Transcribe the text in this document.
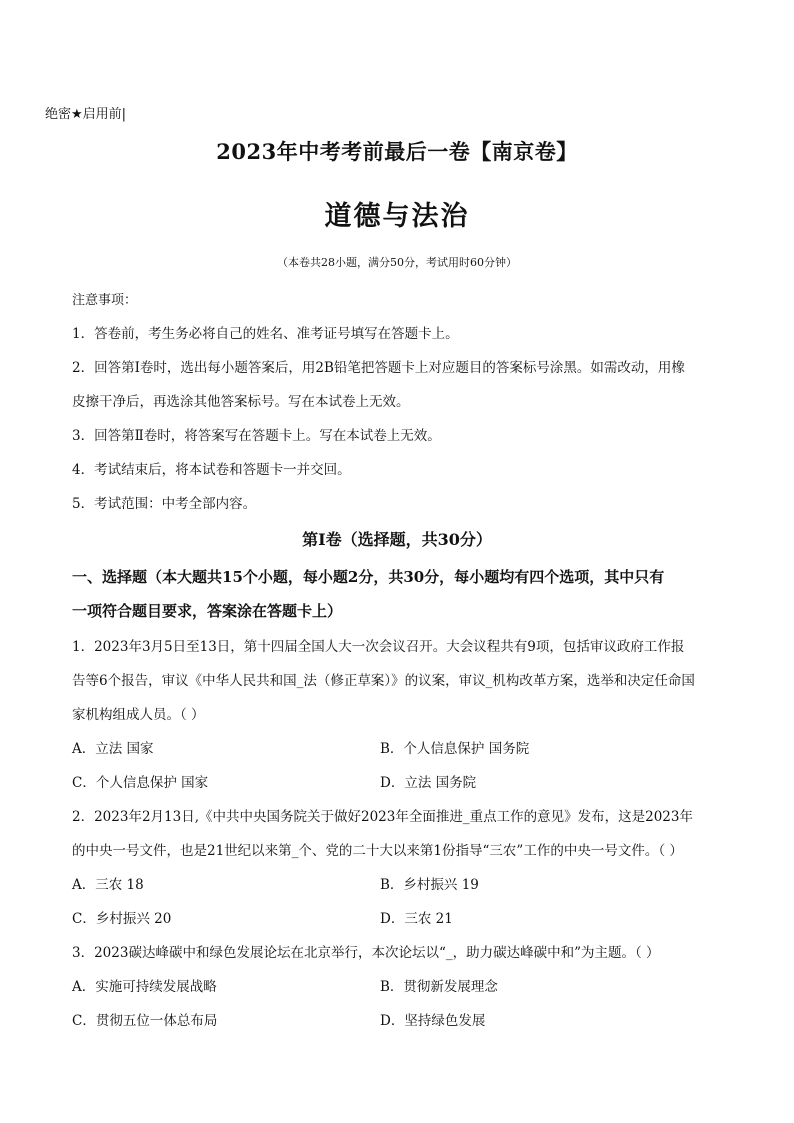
绝密★启用前|
2023年中考考前最后一卷【南京卷】
道德与法治
（本卷共28小题，满分50分，考试用时60分钟）
注意事项：
1．答卷前，考生务必将自己的姓名、准考证号填写在答题卡上。
2．回答第Ⅰ卷时，选出每小题答案后，用2B铅笔把答题卡上对应题目的答案标号涂黑。如需改动，用橡
皮擦干净后，再选涂其他答案标号。写在本试卷上无效。
3．回答第Ⅱ卷时，将答案写在答题卡上。写在本试卷上无效。
4．考试结束后，将本试卷和答题卡一并交回。
5．考试范围：中考全部内容。
第Ⅰ卷（选择题，共30分）
一、选择题（本大题共15个小题，每小题2分，共30分，每小题均有四个选项，其中只有
一项符合题目要求，答案涂在答题卡上）
1．2023年3月5日至13日，第十四届全国人大一次会议召开。大会议程共有9项，包括审议政府工作报
告等6个报告，审议《中华人民共和国_法（修正草案）》的议案，审议_机构改革方案，选举和决定任命国
家机构组成人员。（ ）
A．立法 国家	B．个人信息保护 国务院
C．个人信息保护 国家	D．立法 国务院
2．2023年2月13日,《中共中央国务院关于做好2023年全面推进_重点工作的意见》发布，这是2023年
的中央一号文件，也是21世纪以来第_个、党的二十大以来第1份指导“三农”工作的中央一号文件。（ ）
A．三农 18	B．乡村振兴 19
C．乡村振兴 20	D．三农 21
3．2023碳达峰碳中和绿色发展论坛在北京举行，本次论坛以“_，助力碳达峰碳中和”为主题。（ ）
A．实施可持续发展战略	B．贯彻新发展理念
C．贯彻五位一体总布局	D．坚持绿色发展
